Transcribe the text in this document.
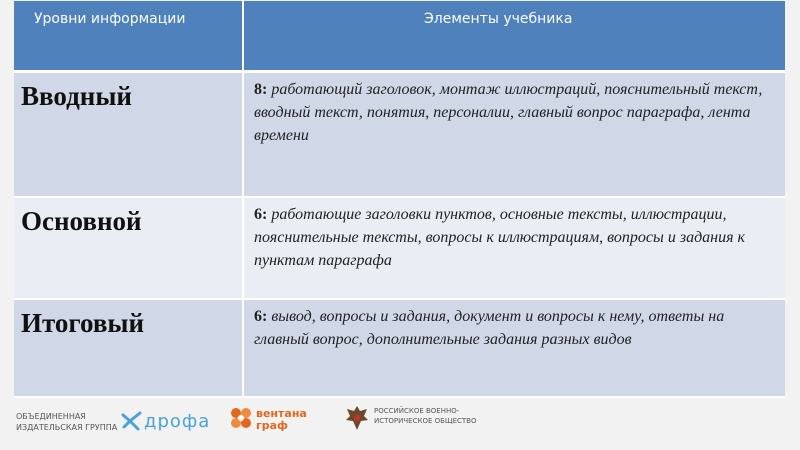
Уровни информации	Элементы учебника
Вводный	8: работающий заголовок, монтаж иллюстраций, пояснительный текст, вводный текст, понятия, персоналии, главный вопрос параграфа, лента времени
Основной	6: работающие заголовки пунктов, основные тексты, иллюстрации, пояснительные тексты, вопросы к иллюстрациям, вопросы и задания к пунктам параграфа
Итоговый	6: вывод, вопросы и задания, документ и вопросы к нему, ответы на главный вопрос, дополнительные задания разных видов
ОБЪЕДИНЕННАЯ ИЗДАТЕЛЬСКАЯ ГРУППА	дрофа	вентана
граф
РОССИЙСКОЕ ВОЕННО-ИСТОРИЧЕСКОЕ ОБЩЕСТВО
